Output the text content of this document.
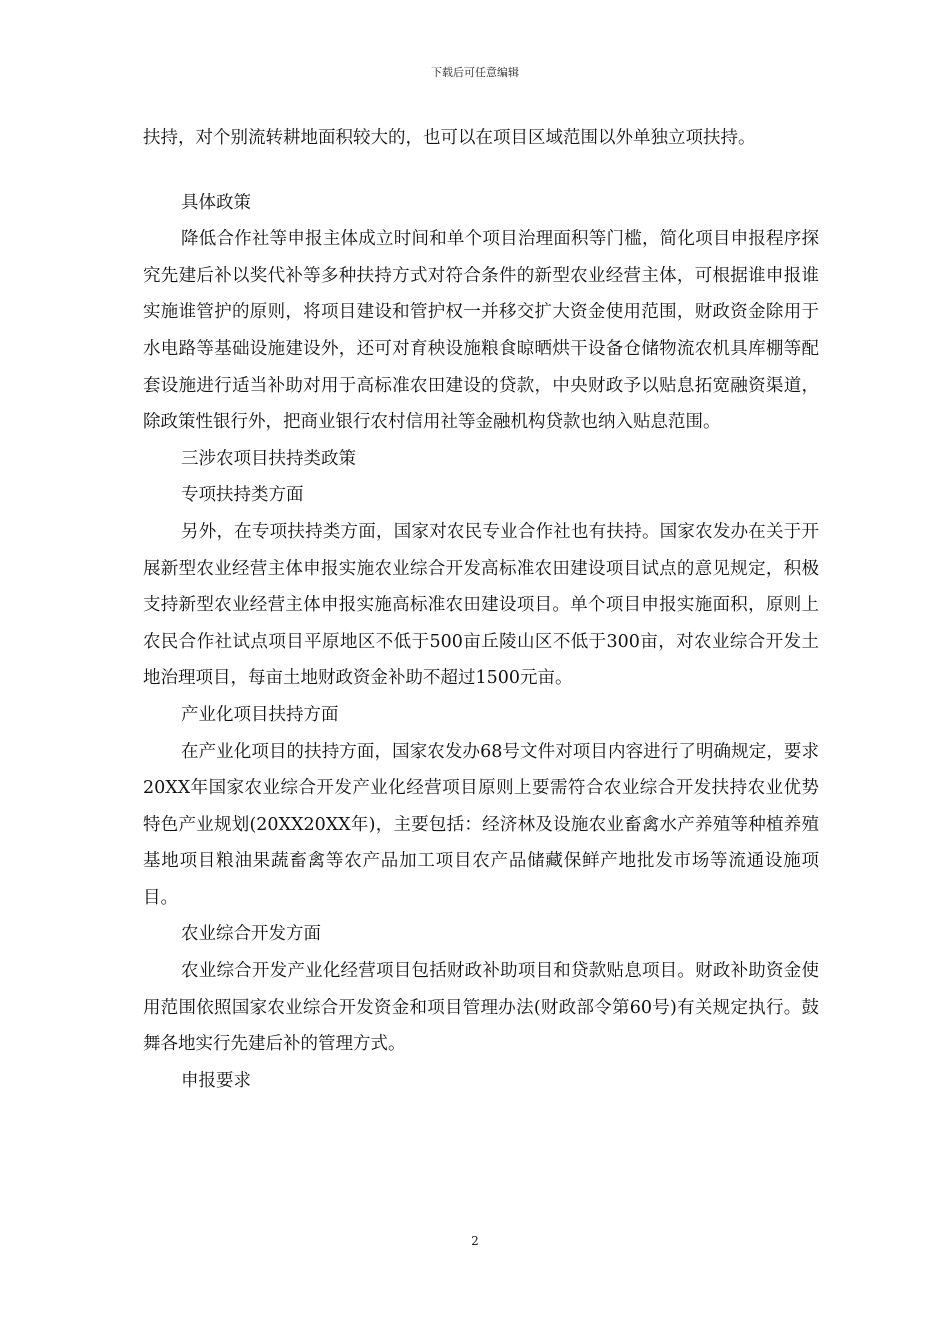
下载后可任意编辑

扶持，对个别流转耕地面积较大的，也可以在项目区域范围以外单独立项扶持。

具体政策

降低合作社等申报主体成立时间和单个项目治理面积等门槛，简化项目申报程序探究先建后补以奖代补等多种扶持方式对符合条件的新型农业经营主体，可根据谁申报谁实施谁管护的原则，将项目建设和管护权一并移交扩大资金使用范围，财政资金除用于水电路等基础设施建设外，还可对育秧设施粮食晾晒烘干设备仓储物流农机具库棚等配套设施进行适当补助对用于高标准农田建设的贷款，中央财政予以贴息拓宽融资渠道，除政策性银行外，把商业银行农村信用社等金融机构贷款也纳入贴息范围。

三涉农项目扶持类政策

专项扶持类方面

另外，在专项扶持类方面，国家对农民专业合作社也有扶持。国家农发办在关于开展新型农业经营主体申报实施农业综合开发高标准农田建设项目试点的意见规定，积极支持新型农业经营主体申报实施高标准农田建设项目。单个项目申报实施面积，原则上农民合作社试点项目平原地区不低于500亩丘陵山区不低于300亩，对农业综合开发土地治理项目，每亩土地财政资金补助不超过1500元亩。

产业化项目扶持方面

在产业化项目的扶持方面，国家农发办68号文件对项目内容进行了明确规定，要求20XX年国家农业综合开发产业化经营项目原则上要需符合农业综合开发扶持农业优势特色产业规划(20XX20XX年)，主要包括：经济林及设施农业畜禽水产养殖等种植养殖基地项目粮油果蔬畜禽等农产品加工项目农产品储藏保鲜产地批发市场等流通设施项目。

农业综合开发方面

农业综合开发产业化经营项目包括财政补助项目和贷款贴息项目。财政补助资金使用范围依照国家农业综合开发资金和项目管理办法(财政部令第60号)有关规定执行。鼓舞各地实行先建后补的管理方式。

申报要求

2
